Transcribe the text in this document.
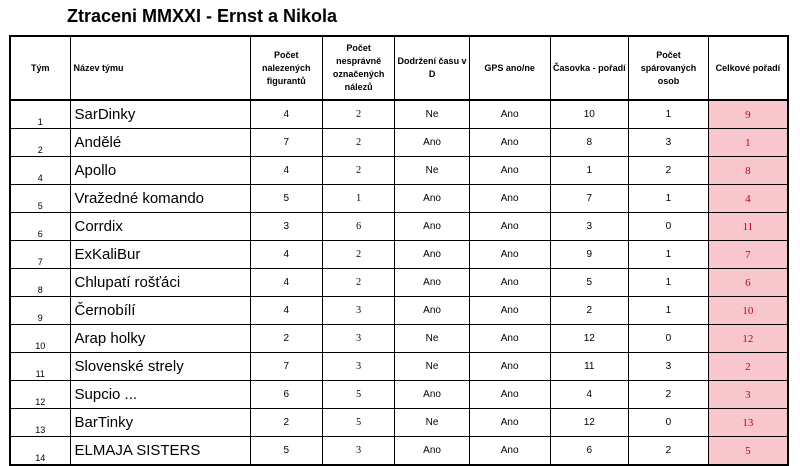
Ztraceni MMXXI - Ernst a Nikola
Tým	Název týmu	Počet nalezených figurantů	Počet nesprávně označených nálezů	Dodržení času v D	GPS ano/ne	Časovka - pořadí	Počet spárovaných osob	Celkové pořadí
1	SarDinky	4	2	Ne	Ano	10	1	9
2	Andělé	7	2	Ano	Ano	8	3	1
4	Apollo	4	2	Ne	Ano	1	2	8
5	Vražedné komando	5	1	Ano	Ano	7	1	4
6	Corrdix	3	6	Ano	Ano	3	0	11
7	ExKaliBur	4	2	Ano	Ano	9	1	7
8	Chlupatí rošťáci	4	2	Ano	Ano	5	1	6
9	Černobílí	4	3	Ano	Ano	2	1	10
10	Arap holky	2	3	Ne	Ano	12	0	12
11	Slovenské strely	7	3	Ne	Ano	11	3	2
12	Supcio ...	6	5	Ano	Ano	4	2	3
13	BarTinky	2	5	Ne	Ano	12	0	13
14	ELMAJA SISTERS	5	3	Ano	Ano	6	2	5
